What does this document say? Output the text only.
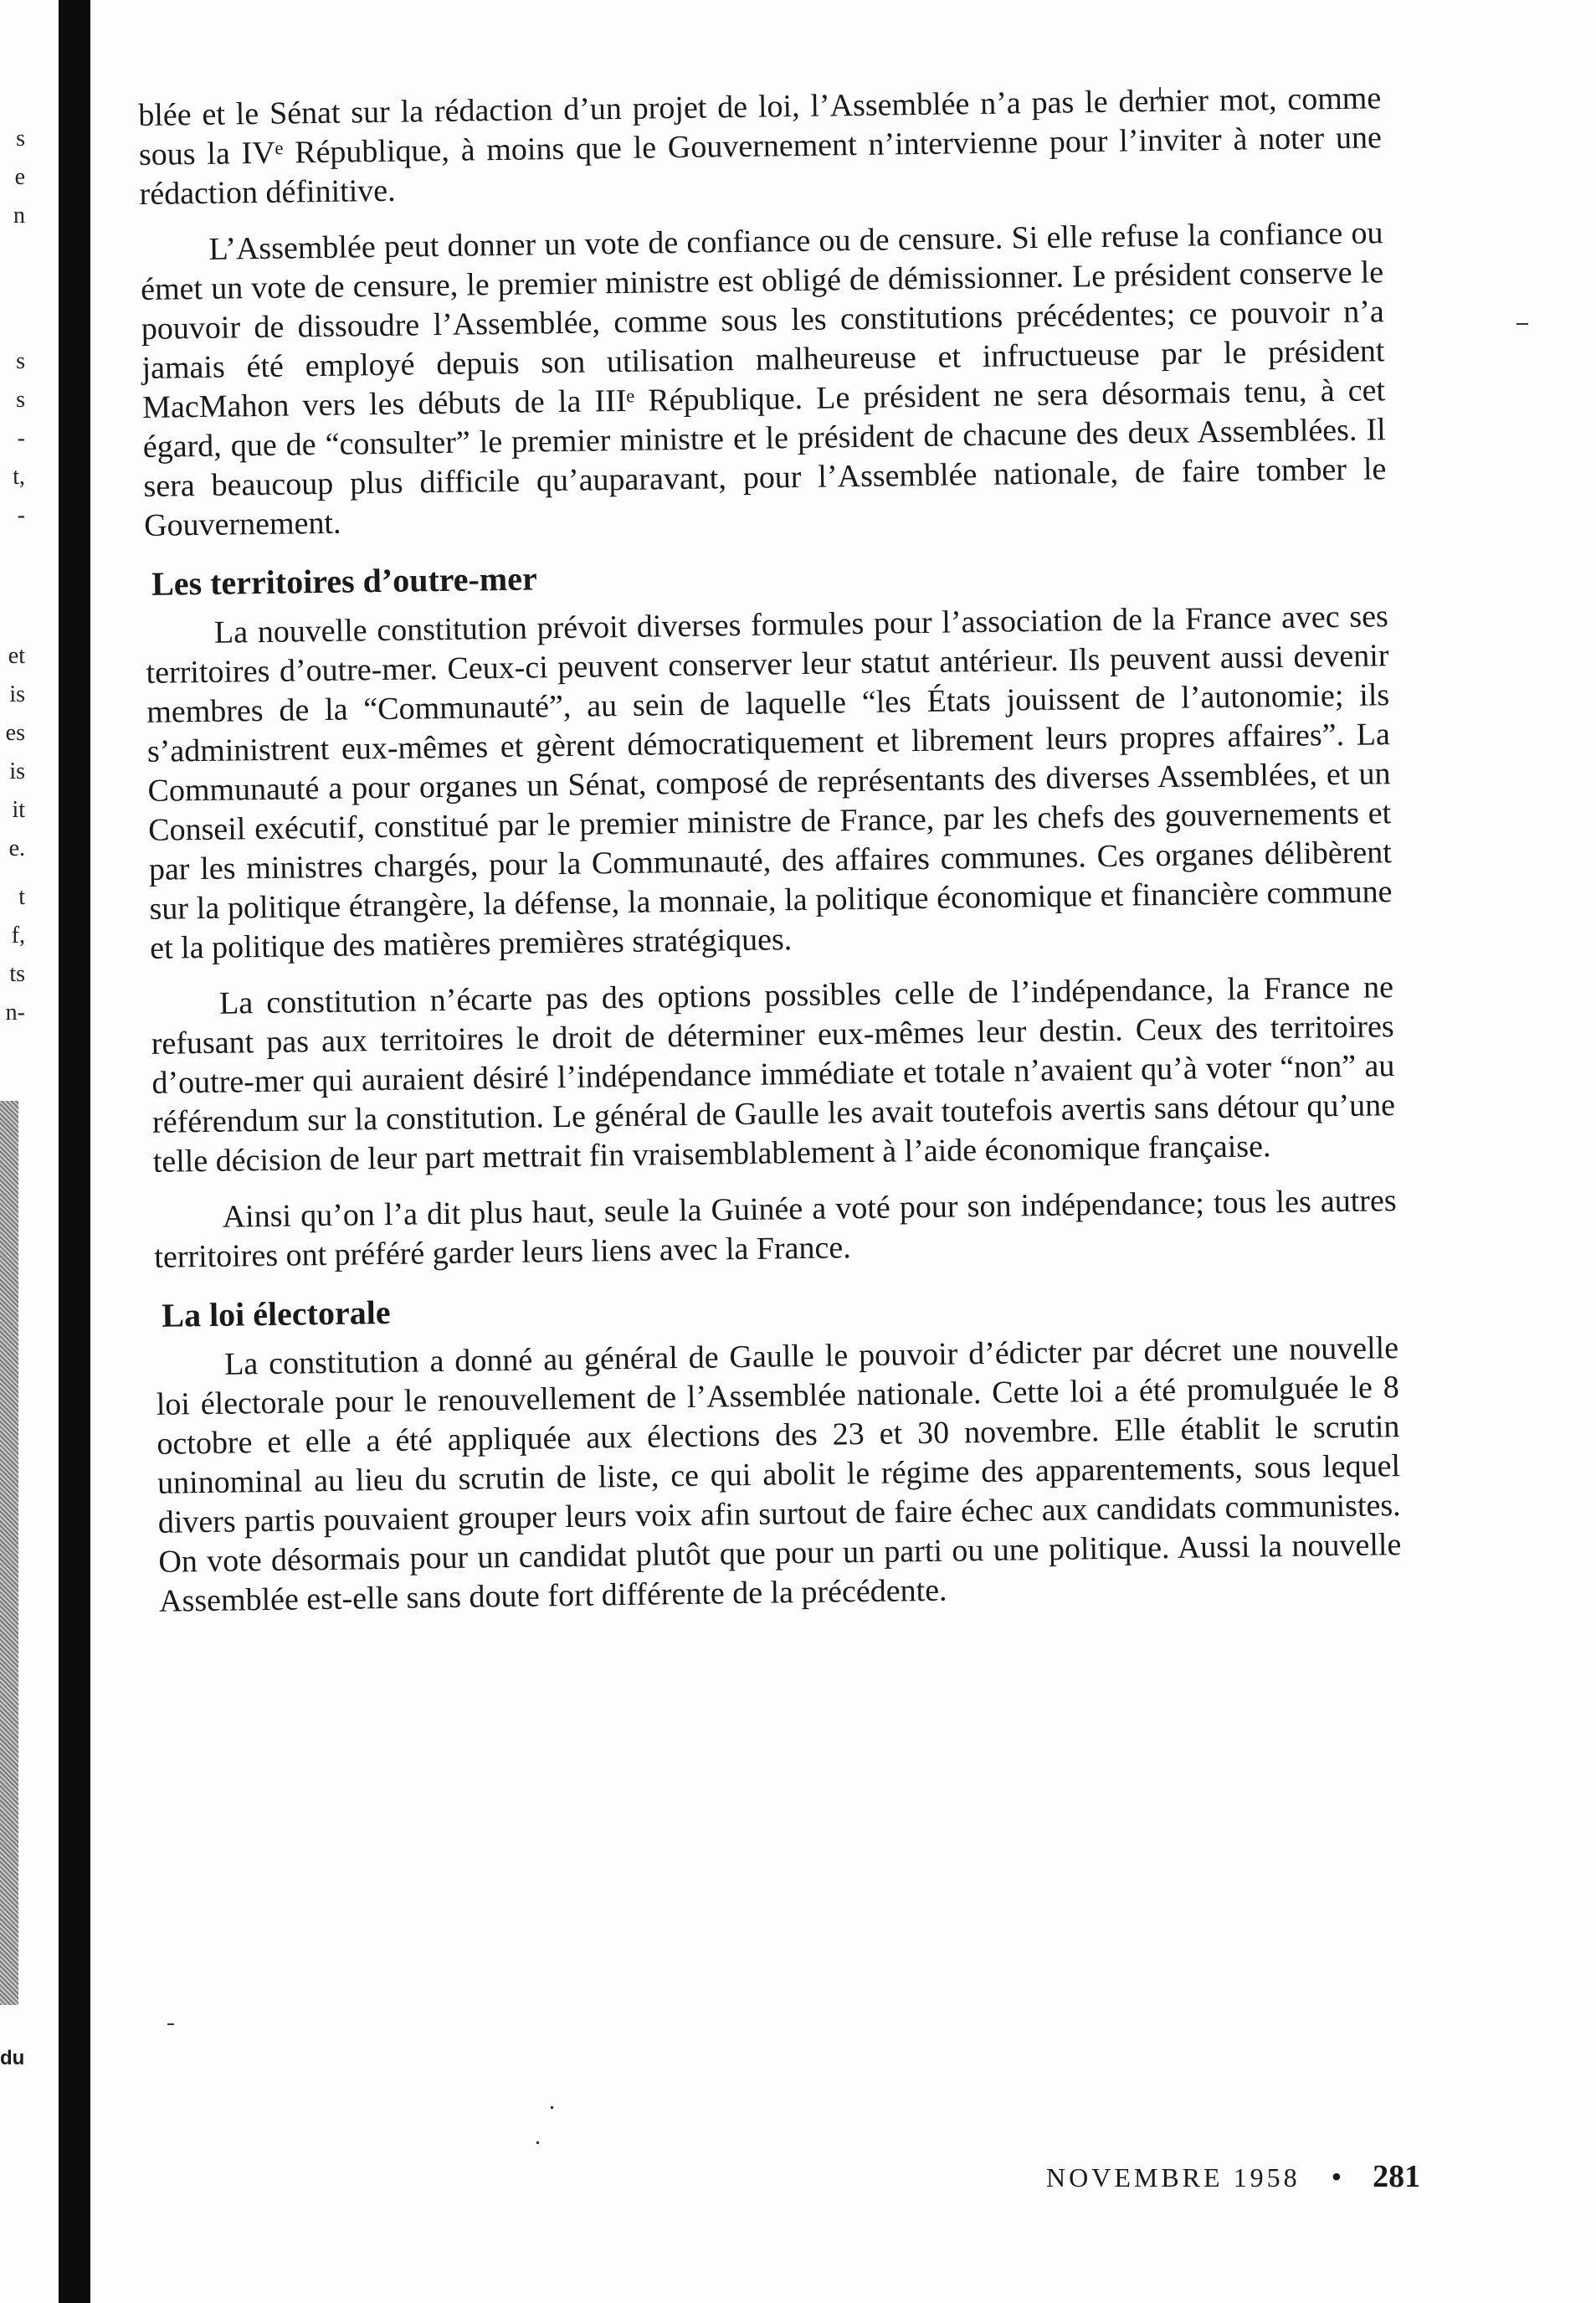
s
e
n
s
s
-
t,
-
et
is
es
is
it
e.
t
f,
ts
n-
du

blée et le Sénat sur la rédaction d’un projet de loi, l’Assemblée n’a pas le dernier mot, comme sous la IVᵉ République, à moins que le Gouvernement n’intervienne pour l’inviter à noter une rédaction définitive.

L’Assemblée peut donner un vote de confiance ou de censure. Si elle refuse la confiance ou émet un vote de censure, le premier ministre est obligé de démissionner. Le président conserve le pouvoir de dissoudre l’Assemblée, comme sous les constitutions précédentes; ce pouvoir n’a jamais été employé depuis son utilisation malheureuse et infructueuse par le président MacMahon vers les débuts de la IIIᵉ République. Le président ne sera désormais tenu, à cet égard, que de “consulter” le premier ministre et le président de chacune des deux Assemblées. Il sera beaucoup plus difficile qu’auparavant, pour l’Assemblée nationale, de faire tomber le Gouvernement.

Les territoires d’outre-mer

La nouvelle constitution prévoit diverses formules pour l’association de la France avec ses territoires d’outre-mer. Ceux-ci peuvent conserver leur statut antérieur. Ils peuvent aussi devenir membres de la “Communauté”, au sein de laquelle “les États jouissent de l’autonomie; ils s’administrent eux-mêmes et gèrent démocratiquement et librement leurs propres affaires”. La Communauté a pour organes un Sénat, composé de représentants des diverses Assemblées, et un Conseil exécutif, constitué par le premier ministre de France, par les chefs des gouvernements et par les ministres chargés, pour la Communauté, des affaires communes. Ces organes délibèrent sur la politique étrangère, la défense, la monnaie, la politique économique et financière commune et la politique des matières premières stratégiques.

La constitution n’écarte pas des options possibles celle de l’indépendance, la France ne refusant pas aux territoires le droit de déterminer eux-mêmes leur destin. Ceux des territoires d’outre-mer qui auraient désiré l’indépendance immédiate et totale n’avaient qu’à voter “non” au référendum sur la constitution. Le général de Gaulle les avait toutefois avertis sans détour qu’une telle décision de leur part mettrait fin vraisemblablement à l’aide économique française.

Ainsi qu’on l’a dit plus haut, seule la Guinée a voté pour son indépendance; tous les autres territoires ont préféré garder leurs liens avec la France.

La loi électorale

La constitution a donné au général de Gaulle le pouvoir d’édicter par décret une nouvelle loi électorale pour le renouvellement de l’Assemblée nationale. Cette loi a été promulguée le 8 octobre et elle a été appliquée aux élections des 23 et 30 novembre. Elle établit le scrutin uninominal au lieu du scrutin de liste, ce qui abolit le régime des apparentements, sous lequel divers partis pouvaient grouper leurs voix afin surtout de faire échec aux candidats communistes. On vote désormais pour un candidat plutôt que pour un parti ou une politique. Aussi la nouvelle Assemblée est-elle sans doute fort différente de la précédente.

NOVEMBRE 1958 • 281
